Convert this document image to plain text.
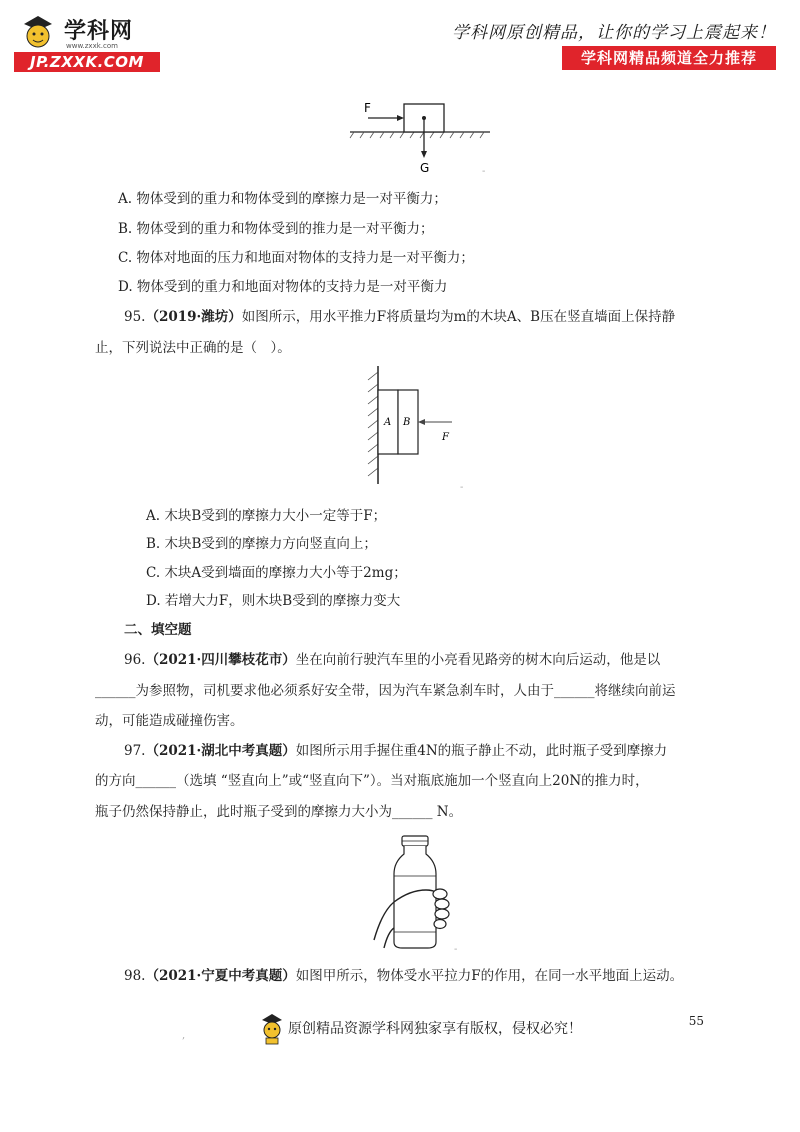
学科网
www.zxxk.com
JP.ZXXK.COM
学科网原创精品，让你的学习上震起来！
学科网精品频道全力推荐
F
G	-
A. 物体受到的重力和物体受到的摩擦力是一对平衡力；
B. 物体受到的重力和物体受到的推力是一对平衡力；
C. 物体对地面的压力和地面对物体的支持力是一对平衡力；
D. 物体受到的重力和地面对物体的支持力是一对平衡力
95.（2019·潍坊）如图所示，用水平推力F将质量均为m的木块A、B压在竖直墙面上保持静
止，下列说法中正确的是（　）。
A B
F
-
A. 木块B受到的摩擦力大小一定等于F；
B. 木块B受到的摩擦力方向竖直向上；
C. 木块A受到墙面的摩擦力大小等于2mg；
D. 若增大力F，则木块B受到的摩擦力变大
二、填空题
96.（2021·四川攀枝花市）坐在向前行驶汽车里的小亮看见路旁的树木向后运动，他是以
______为参照物，司机要求他必须系好安全带，因为汽车紧急刹车时，人由于______将继续向前运
动，可能造成碰撞伤害。
97.（2021·湖北中考真题）如图所示用手握住重4N的瓶子静止不动，此时瓶子受到摩擦力
的方向______（选填 “竖直向上”或“竖直向下”）。当对瓶底施加一个竖直向上20N的推力时，
瓶子仍然保持静止，此时瓶子受到的摩擦力大小为______ N。
-
98.（2021·宁夏中考真题）如图甲所示，物体受水平拉力F的作用，在同一水平地面上运动。
55
原创精品资源学科网独家享有版权，侵权必究！
,
